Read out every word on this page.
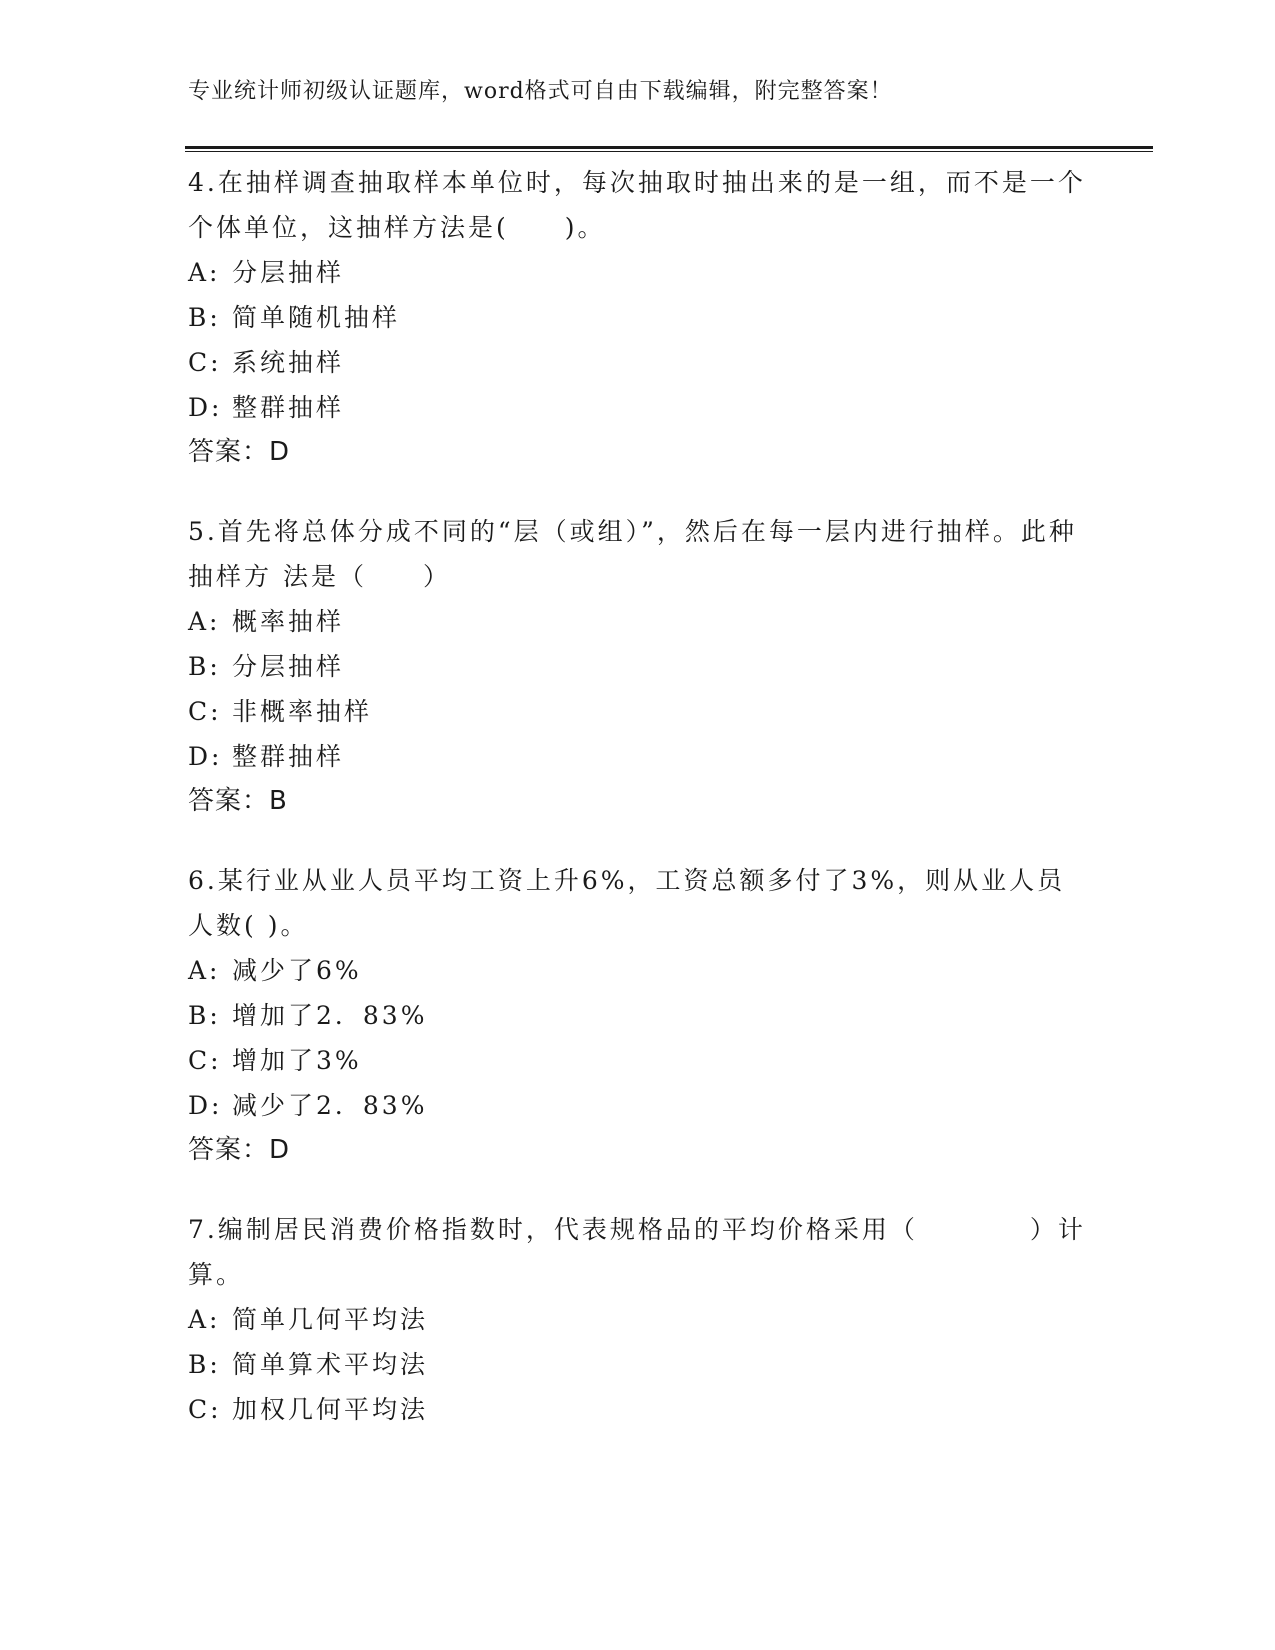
专业统计师初级认证题库，word格式可自由下载编辑，附完整答案！

4.在抽样调查抽取样本单位时，每次抽取时抽出来的是一组，而不是一个个体单位，这抽样方法是(　　)。

A: 分层抽样
B: 简单随机抽样
C: 系统抽样
D: 整群抽样

答案：D

5.首先将总体分成不同的“层（或组）”，然后在每一层内进行抽样。此种抽样方 法是（　　）

A: 概率抽样
B: 分层抽样
C: 非概率抽样
D: 整群抽样

答案：B

6.某行业从业人员平均工资上升6%，工资总额多付了3%，则从业人员人数( )。

A: 减少了6%
B: 增加了2．83%
C: 增加了3%
D: 减少了2．83%

答案：D

7.编制居民消费价格指数时，代表规格品的平均价格采用（　　　　）计算。

A: 简单几何平均法
B: 简单算术平均法
C: 加权几何平均法
